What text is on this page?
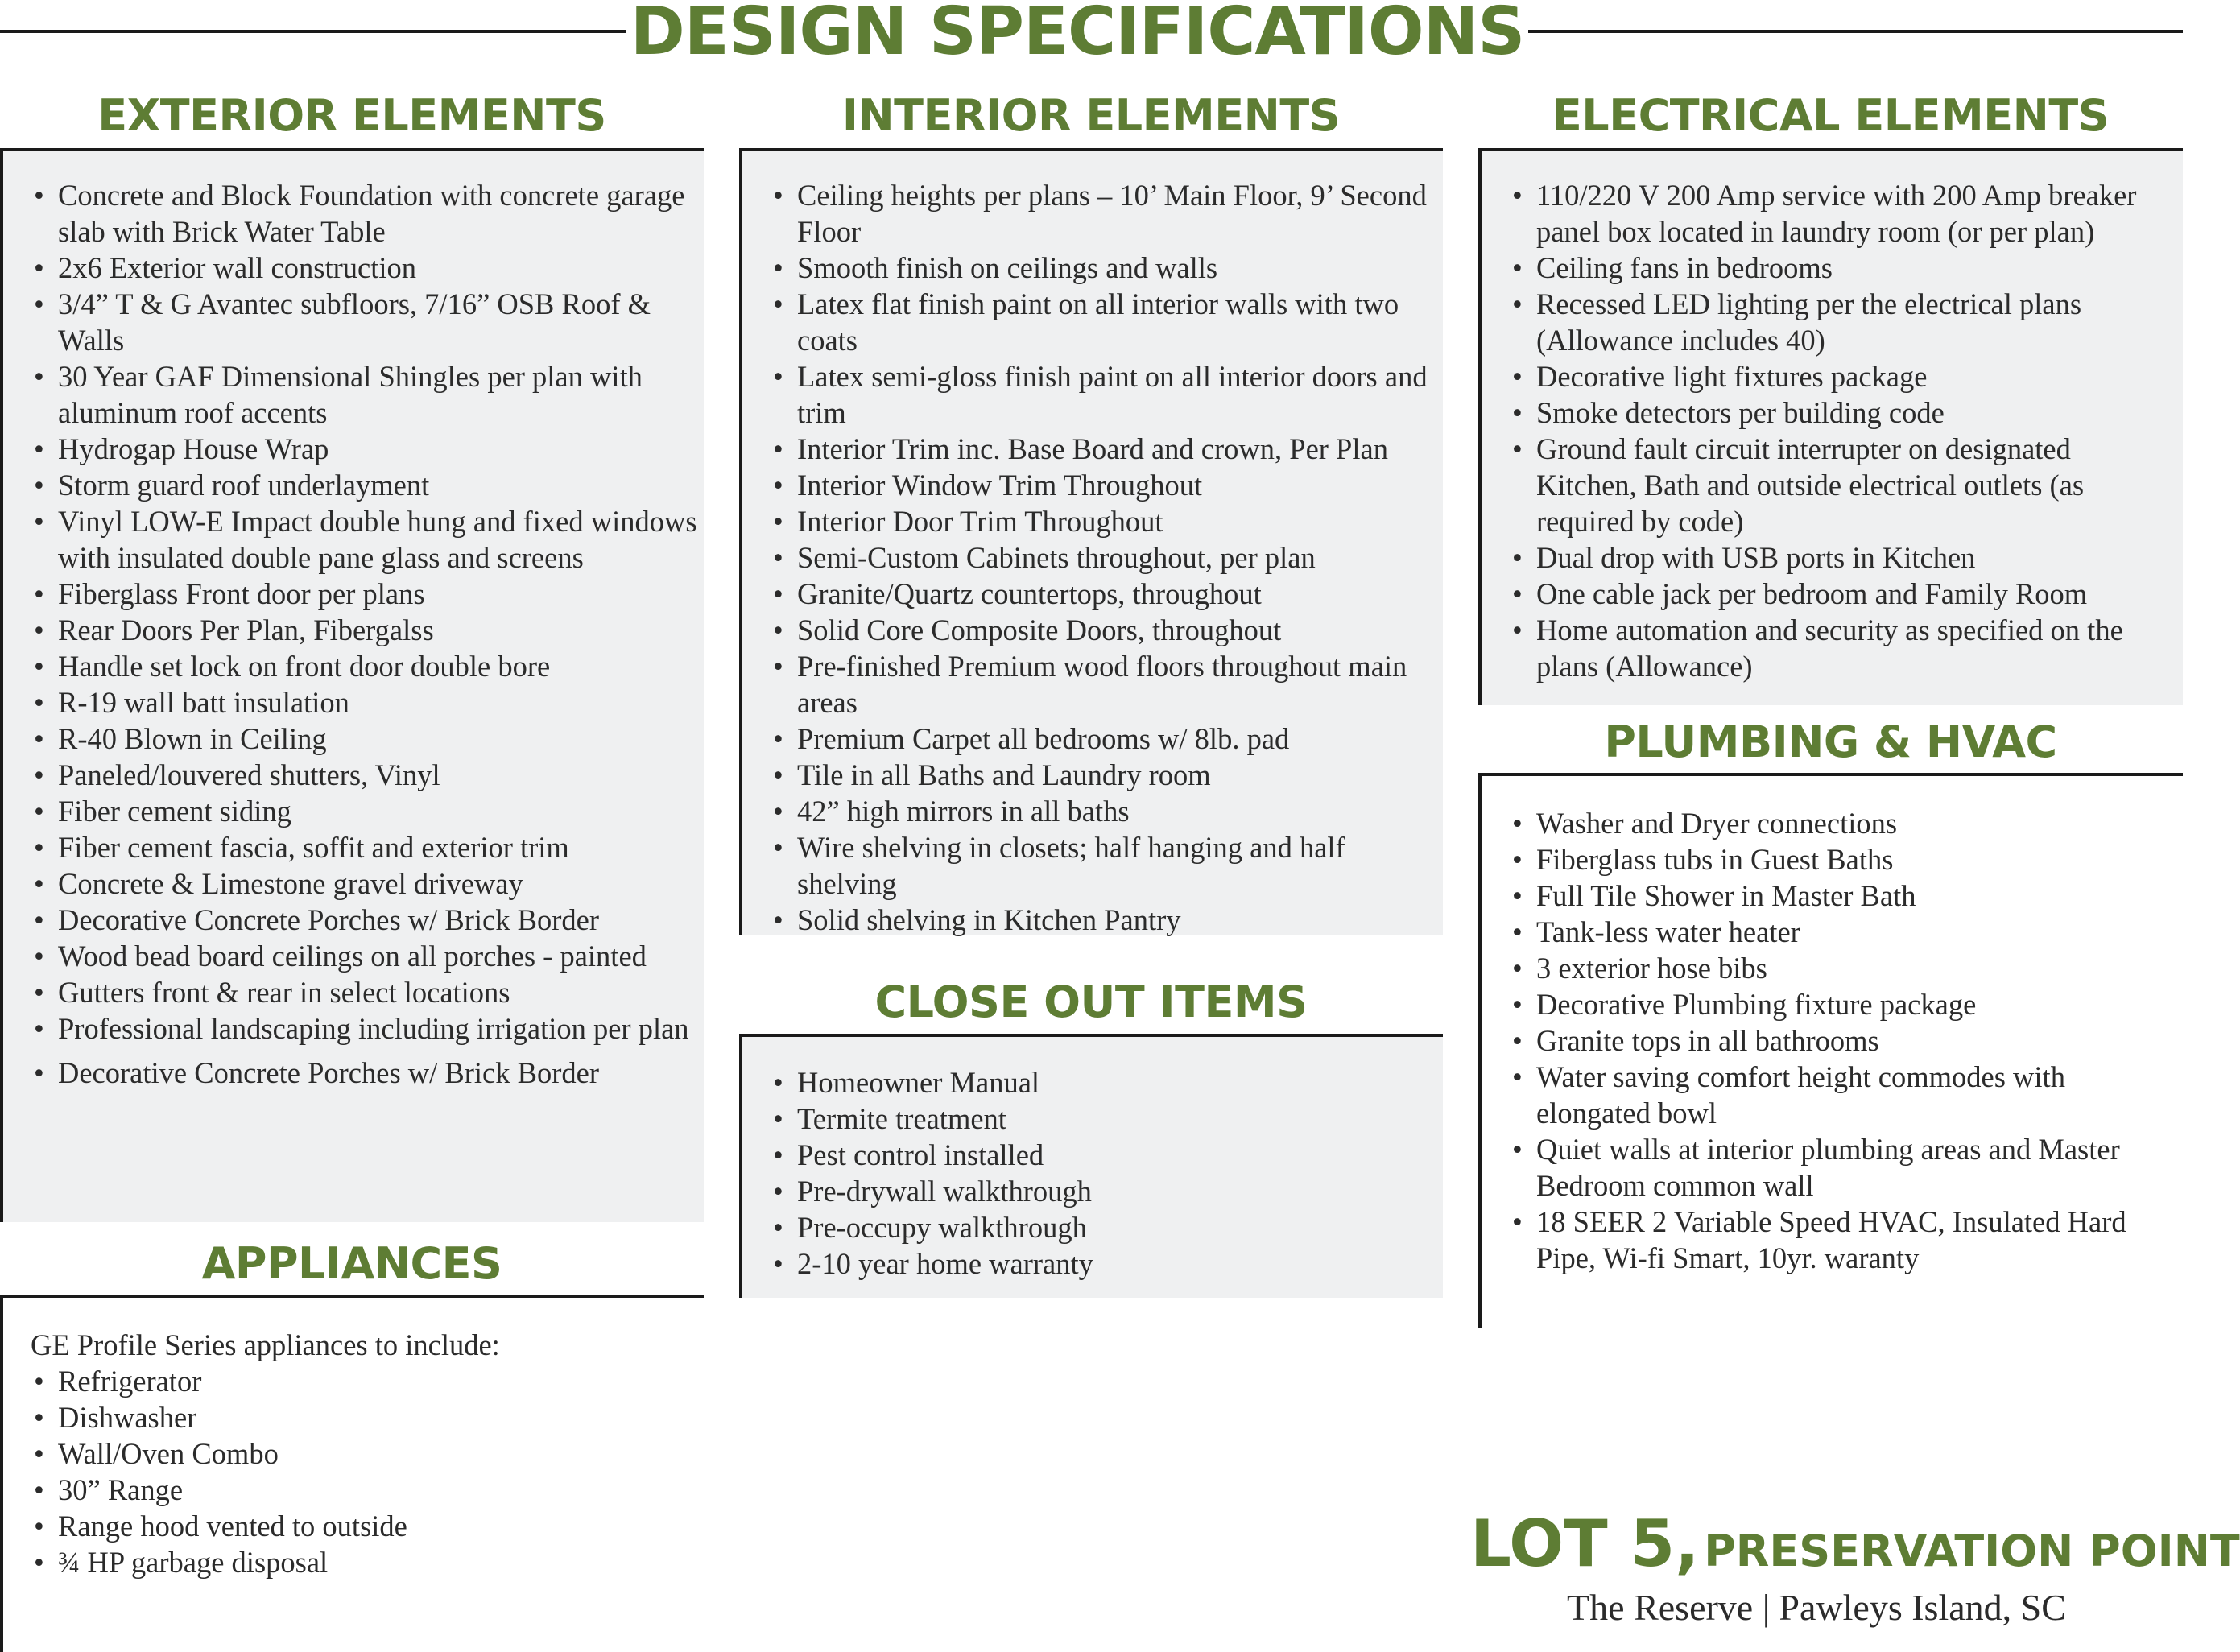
DESIGN SPECIFICATIONS
EXTERIOR ELEMENTS
• Concrete and Block Foundation with concrete garage slab with Brick Water Table
• 2x6 Exterior wall construction
• 3/4” T & G Avantec subfloors, 7/16” OSB Roof & Walls
• 30 Year GAF Dimensional Shingles per plan with aluminum roof accents
• Hydrogap House Wrap
• Storm guard roof underlayment
• Vinyl LOW-E Impact double hung and fixed windows with insulated double pane glass and screens
• Fiberglass Front door per plans
• Rear Doors Per Plan, Fibergalss
• Handle set lock on front door double bore
• R-19 wall batt insulation
• R-40 Blown in Ceiling
• Paneled/louvered shutters, Vinyl
• Fiber cement siding
• Fiber cement fascia, soffit and exterior trim
• Concrete & Limestone gravel driveway
• Decorative Concrete Porches w/ Brick Border
• Wood bead board ceilings on all porches - painted
• Gutters front & rear in select locations
• Professional landscaping including irrigation per plan
• Decorative Concrete Porches w/ Brick Border
APPLIANCES
GE Profile Series appliances to include:
• Refrigerator
• Dishwasher
• Wall/Oven Combo
• 30” Range
• Range hood vented to outside
• ¾ HP garbage disposal
INTERIOR ELEMENTS
• Ceiling heights per plans – 10’ Main Floor, 9’ Second Floor
• Smooth finish on ceilings and walls
• Latex flat finish paint on all interior walls with two coats
• Latex semi-gloss finish paint on all interior doors and trim
• Interior Trim inc. Base Board and crown, Per Plan
• Interior Window Trim Throughout
• Interior Door Trim Throughout
• Semi-Custom Cabinets throughout, per plan
• Granite/Quartz countertops, throughout
• Solid Core Composite Doors, throughout
• Pre-finished Premium wood floors throughout main areas
• Premium Carpet all bedrooms w/ 8lb. pad
• Tile in all Baths and Laundry room
• 42” high mirrors in all baths
• Wire shelving in closets; half hanging and half shelving
• Solid shelving in Kitchen Pantry
CLOSE OUT ITEMS
• Homeowner Manual
• Termite treatment
• Pest control installed
• Pre-drywall walkthrough
• Pre-occupy walkthrough
• 2-10 year home warranty
ELECTRICAL ELEMENTS
• 110/220 V 200 Amp service with 200 Amp breaker panel box located in laundry room (or per plan)
• Ceiling fans in bedrooms
• Recessed LED lighting per the electrical plans (Allowance includes 40)
• Decorative light fixtures package
• Smoke detectors per building code
• Ground fault circuit interrupter on designated Kitchen, Bath and outside electrical outlets (as required by code)
• Dual drop with USB ports in Kitchen
• One cable jack per bedroom and Family Room
• Home automation and security as specified on the plans (Allowance)
PLUMBING & HVAC
• Washer and Dryer connections
• Fiberglass tubs in Guest Baths
• Full Tile Shower in Master Bath
• Tank-less water heater
• 3 exterior hose bibs
• Decorative Plumbing fixture package
• Granite tops in all bathrooms
• Water saving comfort height commodes with elongated bowl
• Quiet walls at interior plumbing areas and Master Bedroom common wall
• 18 SEER 2 Variable Speed HVAC, Insulated Hard Pipe, Wi-fi Smart, 10yr. waranty
LOT 5, PRESERVATION POINT
The Reserve | Pawleys Island, SC
